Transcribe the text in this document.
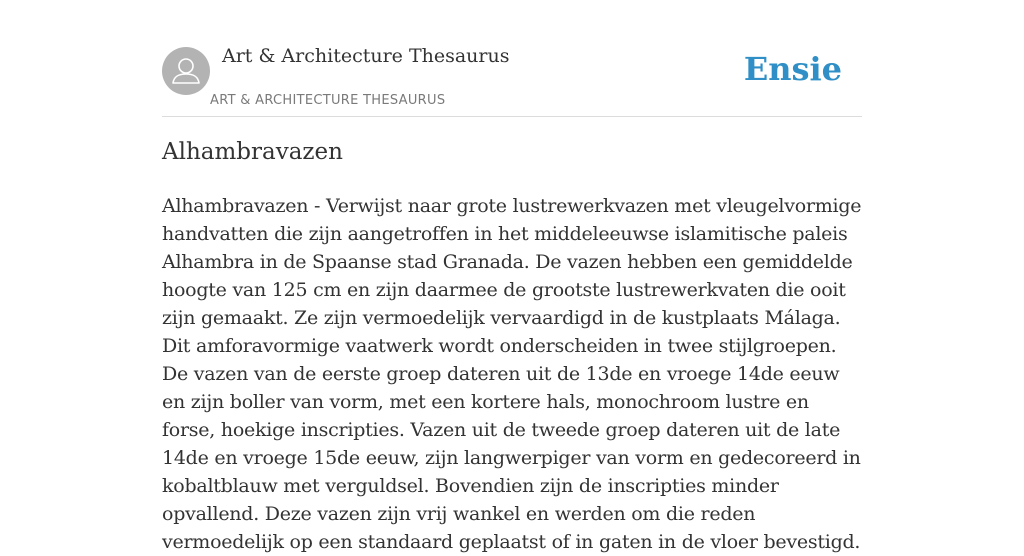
Art & Architecture Thesaurus
ART & ARCHITECTURE THESAURUS
Ensie
Alhambravazen

Alhambravazen - Verwijst naar grote lustrewerkvazen met vleugelvormige handvatten die zijn aangetroffen in het middeleeuwse islamitische paleis Alhambra in de Spaanse stad Granada. De vazen hebben een gemiddelde hoogte van 125 cm en zijn daarmee de grootste lustrewerkvaten die ooit zijn gemaakt. Ze zijn vermoedelijk vervaardigd in de kustplaats Málaga. Dit amforavormige vaatwerk wordt onderscheiden in twee stijlgroepen. De vazen van de eerste groep dateren uit de 13de en vroege 14de eeuw en zijn boller van vorm, met een kortere hals, monochroom lustre en forse, hoekige inscripties. Vazen uit de tweede groep dateren uit de late 14de en vroege 15de eeuw, zijn langwerpiger van vorm en gedecoreerd in kobaltblauw met verguldsel. Bovendien zijn de inscripties minder opvallend. Deze vazen zijn vrij wankel en werden om die reden vermoedelijk op een standaard geplaatst of in gaten in de vloer bevestigd.
